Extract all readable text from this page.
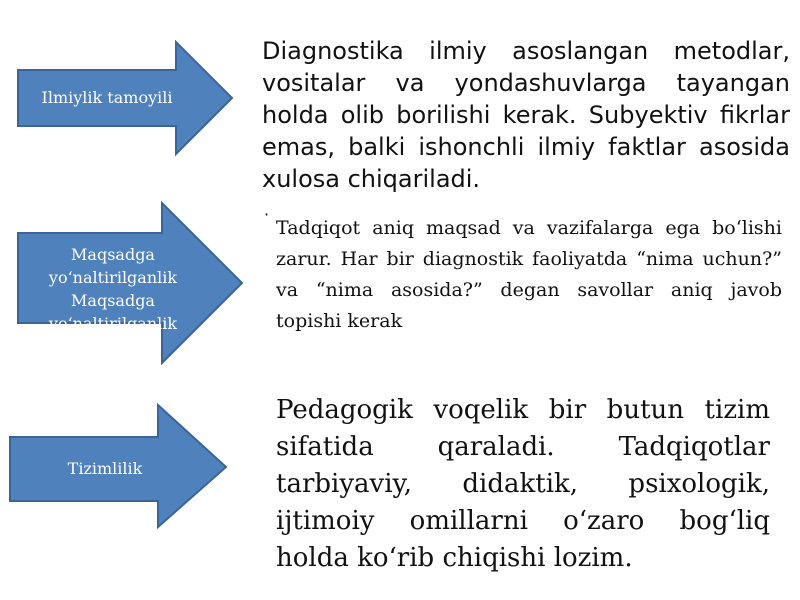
Ilmiylik tamoyili
Maqsadga yo‘naltirilganlik Maqsadga yo‘naltirilganlik
Tizimlilik
Diagnostika ilmiy asoslangan metodlar, vositalar va yondashuvlarga tayangan holda olib borilishi kerak. Subyektiv fikrlar emas, balki ishonchli ilmiy faktlar asosida xulosa chiqariladi.
·
Tadqiqot aniq maqsad va vazifalarga ega bo‘lishi zarur. Har bir diagnostik faoliyatda “nima uchun?” va “nima asosida?” degan savollar aniq javob topishi kerak
Pedagogik voqelik bir butun tizim sifatida qaraladi. Tadqiqotlar tarbiyaviy, didaktik, psixologik, ijtimoiy omillarni o‘zaro bog‘liq holda ko‘rib chiqishi lozim.
